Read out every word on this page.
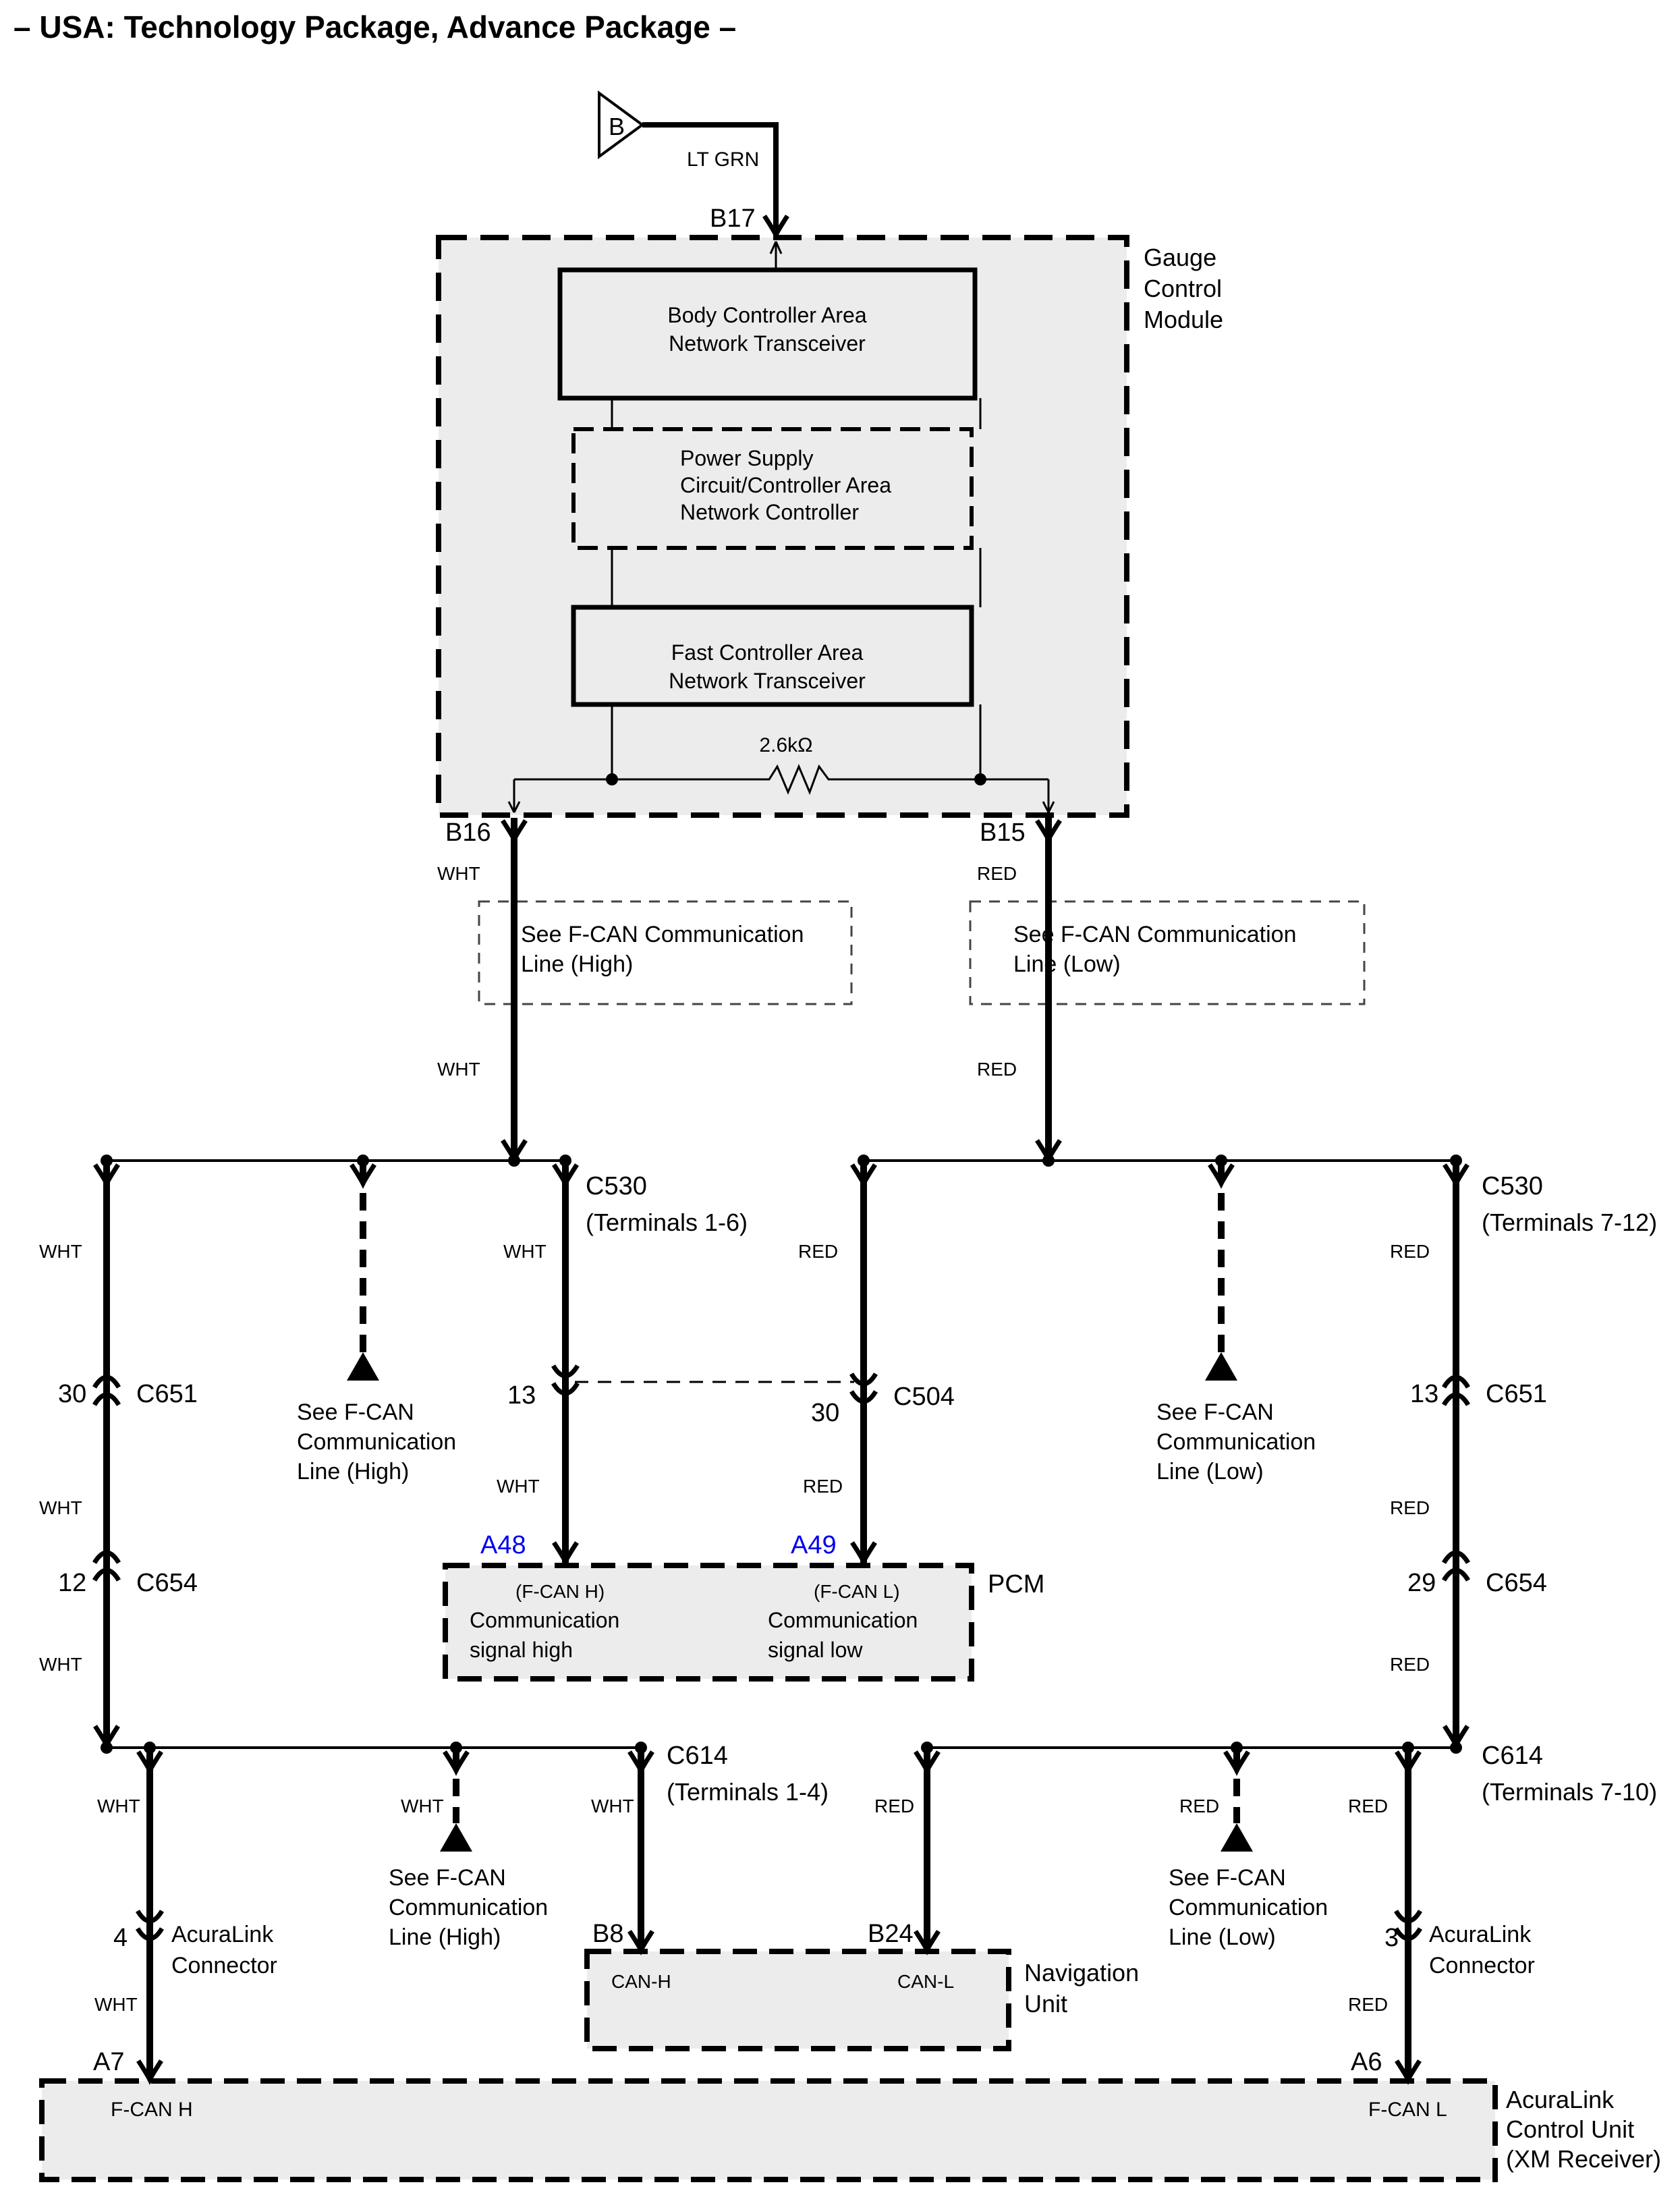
– USA: Technology Package, Advance Package –
B
LT GRN
B17
Gauge
Control
Module
Body Controller Area
Network Transceiver
Power Supply
Circuit/Controller Area
Network Controller
Fast Controller Area
Network Transceiver
2.6kΩ
B16	B15
WHT	RED
See F-CAN Communication
Line (High)
See F-CAN Communication
Line (Low)
WHT	RED
C530
(Terminals 1-6)
C530
(Terminals 7-12)
WHT	WHT	RED	RED
30 C651	13 C651
See F-CAN
Communication
Line (High)
See F-CAN
Communication
Line (Low)
13
30
C504
WHT	RED
WHT	RED
A48	A49
12 C654	29 C654
PCM
(F-CAN H)
Communication
signal high
(F-CAN L)
Communication
signal low
WHT	RED
C614
(Terminals 1-4)
C614
(Terminals 7-10)
WHT	WHT	WHT	RED	RED	RED
See F-CAN
Communication
Line (High)
See F-CAN
Communication
Line (Low)
4 AcuraLink
Connector
3 AcuraLink
Connector
B8	B24
CAN-H	CAN-L	Navigation
Unit
WHT	RED
A7	A6
F-CAN H	F-CAN L AcuraLink
Control Unit
(XM Receiver)
